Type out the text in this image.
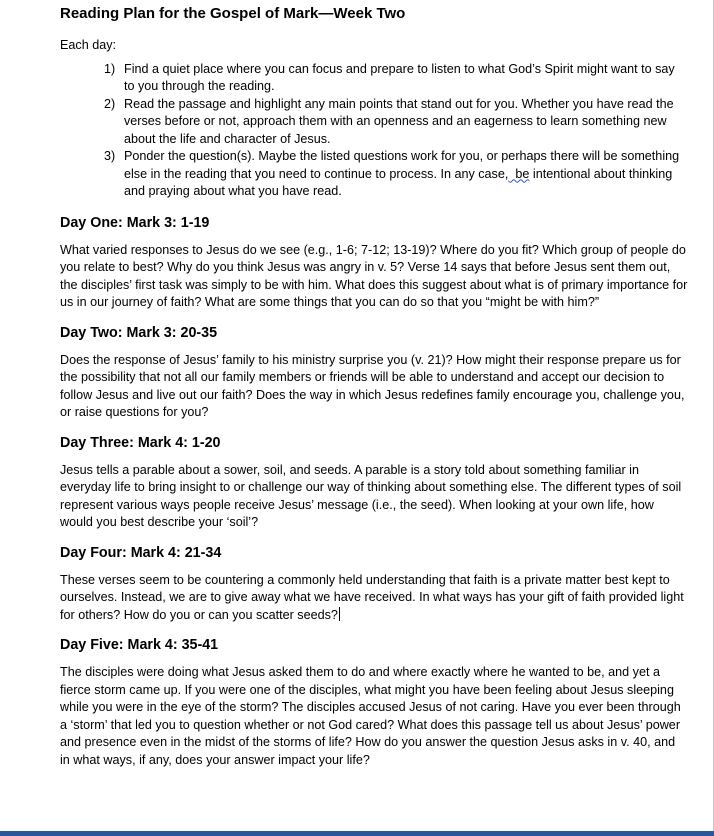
Reading Plan for the Gospel of Mark—Week Two
Each day:
1) Find a quiet place where you can focus and prepare to listen to what God’s Spirit might want to say to you through the reading.
2) Read the passage and highlight any main points that stand out for you. Whether you have read the verses before or not, approach them with an openness and an eagerness to learn something new about the life and character of Jesus.
3) Ponder the question(s). Maybe the listed questions work for you, or perhaps there will be something else in the reading that you need to continue to process. In any case,  be intentional about thinking and praying about what you have read.
Day One: Mark 3: 1-19
What varied responses to Jesus do we see (e.g., 1-6; 7-12; 13-19)? Where do you fit? Which group of people do you relate to best? Why do you think Jesus was angry in v. 5? Verse 14 says that before Jesus sent them out, the disciples’ first task was simply to be with him. What does this suggest about what is of primary importance for us in our journey of faith? What are some things that you can do so that you “might be with him?”
Day Two: Mark 3: 20-35
Does the response of Jesus’ family to his ministry surprise you (v. 21)? How might their response prepare us for the possibility that not all our family members or friends will be able to understand and accept our decision to follow Jesus and live out our faith? Does the way in which Jesus redefines family encourage you, challenge you, or raise questions for you?
Day Three: Mark 4: 1-20
Jesus tells a parable about a sower, soil, and seeds. A parable is a story told about something familiar in everyday life to bring insight to or challenge our way of thinking about something else. The different types of soil represent various ways people receive Jesus’ message (i.e., the seed). When looking at your own life, how would you best describe your ‘soil’?
Day Four: Mark 4: 21-34
These verses seem to be countering a commonly held understanding that faith is a private matter best kept to ourselves. Instead, we are to give away what we have received. In what ways has your gift of faith provided light for others? How do you or can you scatter seeds?
Day Five: Mark 4: 35-41
The disciples were doing what Jesus asked them to do and where exactly where he wanted to be, and yet a fierce storm came up. If you were one of the disciples, what might you have been feeling about Jesus sleeping while you were in the eye of the storm? The disciples accused Jesus of not caring. Have you ever been through a ‘storm’ that led you to question whether or not God cared? What does this passage tell us about Jesus’ power and presence even in the midst of the storms of life? How do you answer the question Jesus asks in v. 40, and in what ways, if any, does your answer impact your life?
